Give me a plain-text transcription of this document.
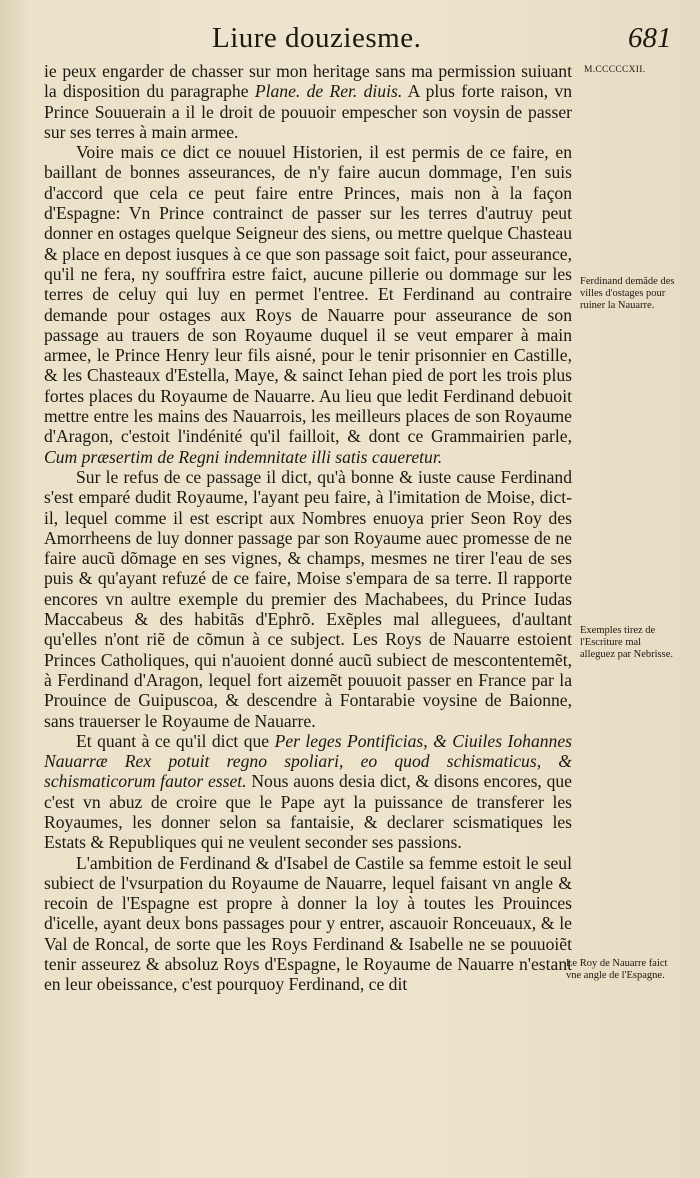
Liure douziesme.	681
M.CCCCCXII.
Ferdinand demãde des villes d'ostages pour ruiner la Nauarre.
Exemples tirez de l'Escriture mal alleguez par Nebrisse.
Le Roy de Nauarre faict vne angle de l'Espagne.

ie peux engarder de chasser sur mon heritage sans ma permission suiuant la disposition du paragraphe Plane. de Rer. diuis. A plus forte raison, vn Prince Souuerain a il le droit de pouuoir empescher son voysin de passer sur ses terres à main armee.

Voire mais ce dict ce nouuel Historien, il est permis de ce faire, en baillant de bonnes asseurances, de n'y faire aucun dommage, I'en suis d'accord que cela ce peut faire entre Princes, mais non à la façon d'Espagne: Vn Prince contrainct de passer sur les terres d'autruy peut donner en ostages quelque Seigneur des siens, ou mettre quelque Chasteau & place en depost iusques à ce que son passage soit faict, pour asseurance, qu'il ne fera, ny souffrira estre faict, aucune pillerie ou dommage sur les terres de celuy qui luy en permet l'entree. Et Ferdinand au contraire demande pour ostages aux Roys de Nauarre pour asseurance de son passage au trauers de son Royaume duquel il se veut emparer à main armee, le Prince Henry leur fils aisné, pour le tenir prisonnier en Castille, & les Chasteaux d'Estella, Maye, & sainct Iehan pied de port les trois plus fortes places du Royaume de Nauarre. Au lieu que ledit Ferdinand debuoit mettre entre les mains des Nauarrois, les meilleurs places de son Royaume d'Aragon, c'estoit l'indénité qu'il failloit, & dont ce Grammairien parle, Cum præsertim de Regni indemnitate illi satis caueretur.

Sur le refus de ce passage il dict, qu'à bonne & iuste cause Ferdinand s'est emparé dudit Royaume, l'ayant peu faire, à l'imitation de Moise, dict-il, lequel comme il est escript aux Nombres enuoya prier Seon Roy des Amorrheens de luy donner passage par son Royaume auec promesse de ne faire aucũ dõmage en ses vignes, & champs, mesmes ne tirer l'eau de ses puis & qu'ayant refuzé de ce faire, Moise s'empara de sa terre. Il rapporte encores vn aultre exemple du premier des Machabees, du Prince Iudas Maccabeus & des habitãs d'Ephrõ. Exẽples mal alleguees, d'aultant qu'elles n'ont riẽ de cõmun à ce subject. Les Roys de Nauarre estoient Princes Catholiques, qui n'auoient donné aucũ subiect de mescontentemẽt, à Ferdinand d'Aragon, lequel fort aizemẽt pouuoit passer en France par la Prouince de Guipuscoa, & descendre à Fontarabie voysine de Baionne, sans trauerser le Royaume de Nauarre.

Et quant à ce qu'il dict que Per leges Pontificias, & Ciuiles Iohannes Nauarræ Rex potuit regno spoliari, eo quod schismaticus, & schismaticorum fautor esset. Nous auons desia dict, & disons encores, que c'est vn abuz de croire que le Pape ayt la puissance de transferer les Royaumes, les donner selon sa fantaisie, & declarer scismatiques les Estats & Republiques qui ne veulent seconder ses passions.

L'ambition de Ferdinand & d'Isabel de Castile sa femme estoit le seul subiect de l'vsurpation du Royaume de Nauarre, lequel faisant vn angle & recoin de l'Espagne est propre à donner la loy à toutes les Prouinces d'icelle, ayant deux bons passages pour y entrer, ascauoir Ronceuaux, & le Val de Roncal, de sorte que les Roys Ferdinand & Isabelle ne se pouuoiẽt tenir asseurez & absoluz Roys d'Espagne, le Royaume de Nauarre n'estant en leur obeissance, c'est pourquoy Ferdinand, ce dit
